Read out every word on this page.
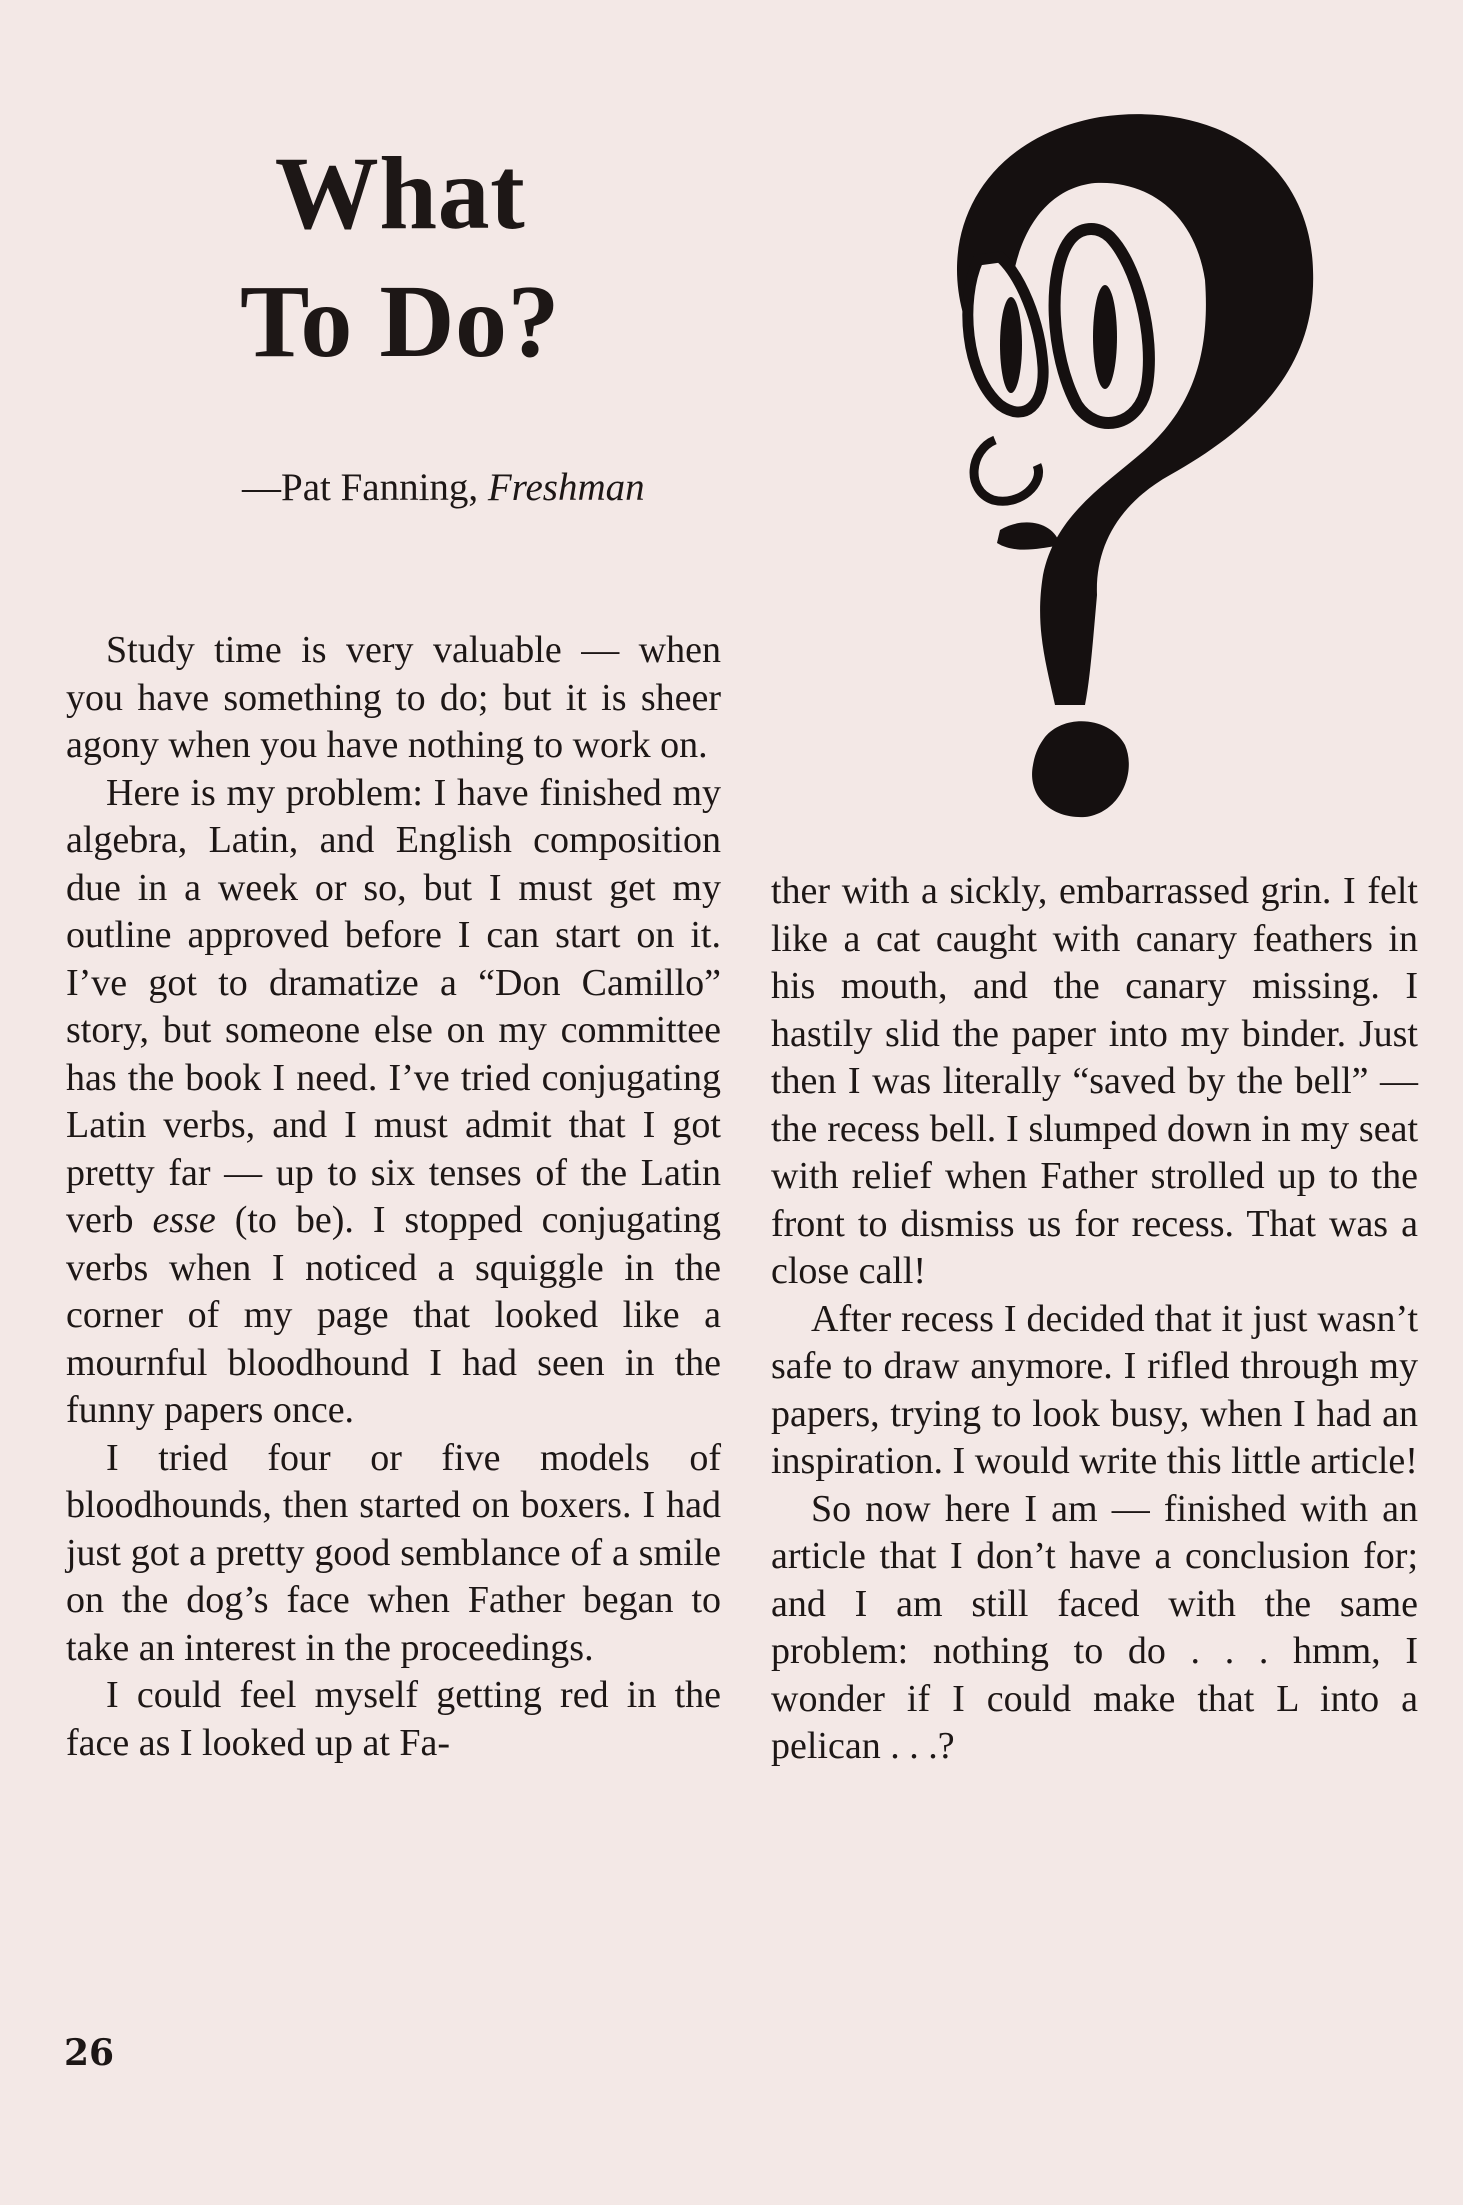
What
To Do?
—Pat Fanning, Freshman

Study time is very valuable — when you have something to do; but it is sheer agony when you have nothing to work on.

Here is my problem: I have finished my algebra, Latin, and English composition due in a week or so, but I must get my outline approved before I can start on it. I’ve got to dramatize a “Don Camillo” story, but someone else on my committee has the book I need. I’ve tried conjugating Latin verbs, and I must admit that I got pretty far — up to six tenses of the Latin verb esse (to be). I stopped conjugating verbs when I noticed a squiggle in the corner of my page that looked like a mournful bloodhound I had seen in the funny papers once.

I tried four or five models of bloodhounds, then started on boxers. I had just got a pretty good semblance of a smile on the dog’s face when Father began to take an interest in the proceedings.

I could feel myself getting red in the face as I looked up at Fa-

ther with a sickly, embarrassed grin. I felt like a cat caught with canary feathers in his mouth, and the canary missing. I hastily slid the paper into my binder. Just then I was literally “saved by the bell” — the recess bell. I slumped down in my seat with relief when Father strolled up to the front to dismiss us for recess. That was a close call!

After recess I decided that it just wasn’t safe to draw anymore. I rifled through my papers, trying to look busy, when I had an inspiration. I would write this little article!

So now here I am — finished with an article that I don’t have a conclusion for; and I am still faced with the same problem: nothing to do . . . hmm, I wonder if I could make that L into a pelican . . .?

26
